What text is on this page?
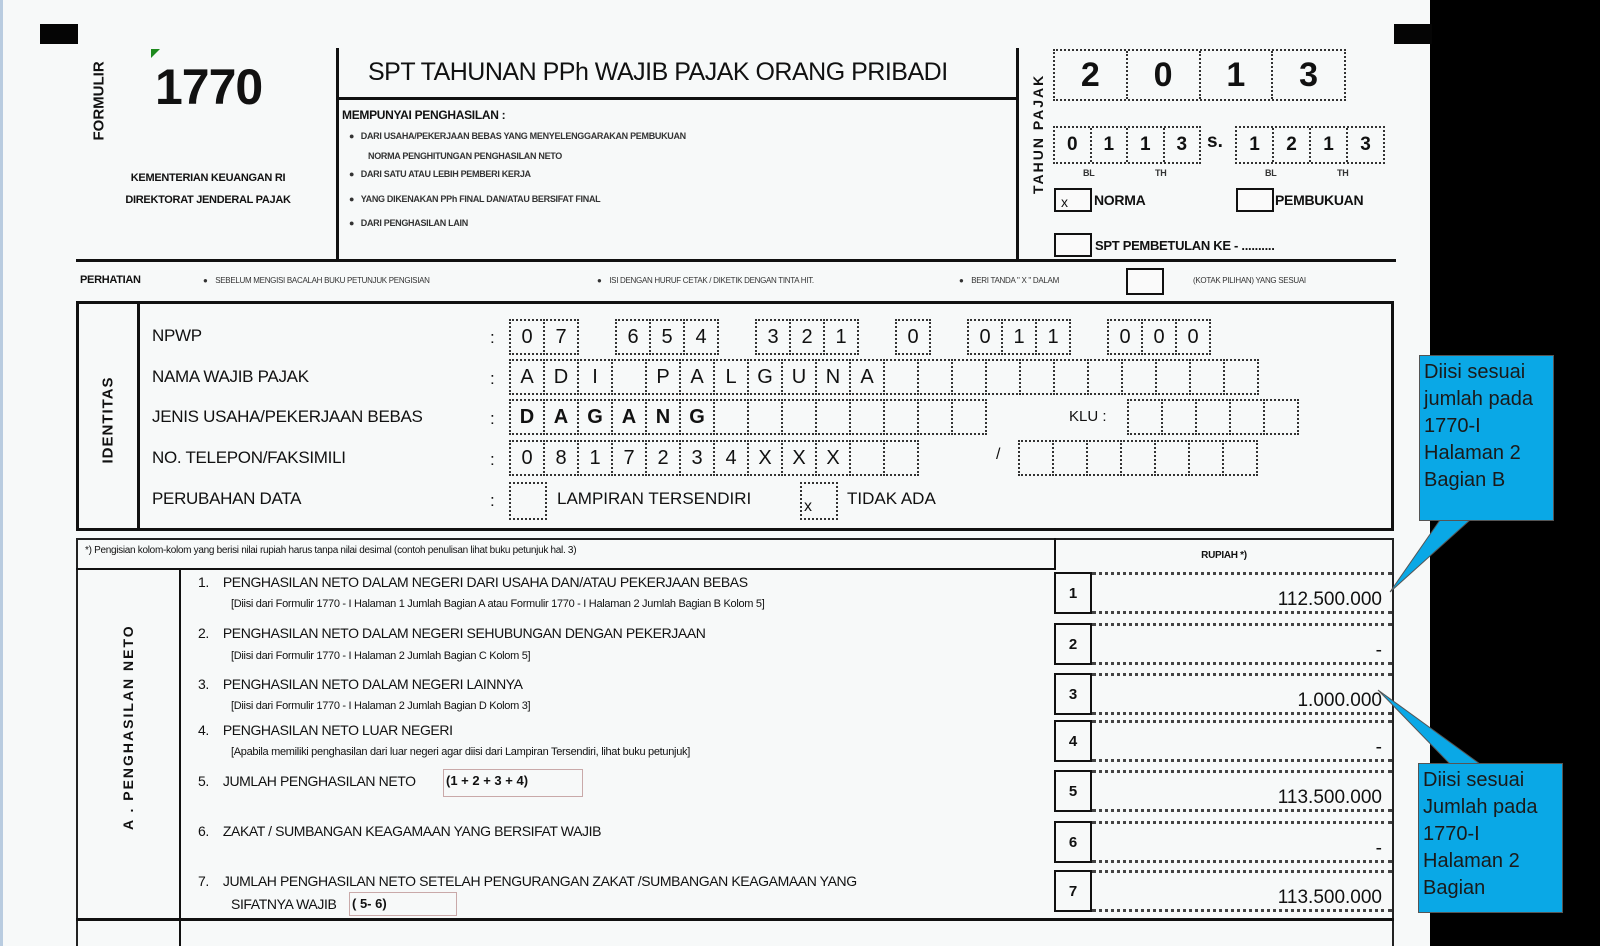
FORMULIR 1770
KEMENTERIAN KEUANGAN RI
DIREKTORAT JENDERAL PAJAK
SPT TAHUNAN PPh WAJIB PAJAK ORANG PRIBADI
MEMPUNYAI PENGHASILAN :
●   DARI USAHA/PEKERJAAN BEBAS YANG MENYELENGGARAKAN PEMBUKUAN
NORMA PENGHITUNGAN PENGHASILAN NETO
●   DARI SATU ATAU LEBIH PEMBERI KERJA
●   YANG DIKENAKAN PPh FINAL DAN/ATAU BERSIFAT FINAL
●   DARI PENGHASILAN LAIN
TAHUN PAJAK	2	0	1	3
0	1	1	3	s.	1	2	1	3
BL	TH	BL	TH
x	NORMA	PEMBUKUAN
SPT PEMBETULAN KE - ..........
PERHATIAN	●    SEBELUM MENGISI BACALAH BUKU PETUNJUK PENGISIAN	●    ISI DENGAN HURUF CETAK / DIKETIK DENGAN TINTA HIT.	●    BERI TANDA " X " DALAM	(KOTAK PILIHAN) YANG SESUAI
IDENTITAS
NPWP	:	0	7	6	5	4	3	2	1	0	0	1	1	0	0	0
NAMA WAJIB PAJAK	:	A	D	I	P	A	L	G U N	A
JENIS USAHA/PEKERJAAN BEBAS	:	D A G A N G	KLU :
NO. TELEPON/FAKSIMILI	:	0	8	1	7	2	3	4	X	X	X	/
PERUBAHAN DATA	:	LAMPIRAN TERSENDIRI	x	TIDAK ADA
*) Pengisian kolom-kolom yang berisi nilai rupiah harus tanpa nilai desimal (contoh penulisan lihat buku petunjuk hal. 3)	RUPIAH *)
A . PENGHASILAN NETO
1. PENGHASILAN NETO DALAM NEGERI DARI USAHA DAN/ATAU PEKERJAAN BEBAS
[Diisi dari Formulir 1770 - I Halaman 1 Jumlah Bagian A atau Formulir 1770 - I Halaman 2 Jumlah Bagian B Kolom 5]
2. PENGHASILAN NETO DALAM NEGERI SEHUBUNGAN DENGAN PEKERJAAN
[Diisi dari Formulir 1770 - I Halaman 2 Jumlah Bagian C Kolom 5]
3. PENGHASILAN NETO DALAM NEGERI LAINNYA
[Diisi dari Formulir 1770 - I Halaman 2 Jumlah Bagian D Kolom 3]
4. PENGHASILAN NETO LUAR NEGERI
[Apabila memiliki penghasilan dari luar negeri agar diisi dari Lampiran Tersendiri, lihat buku petunjuk]
5. JUMLAH PENGHASILAN NETO (1 + 2 + 3 + 4)
6. ZAKAT / SUMBANGAN KEAGAMAAN YANG BERSIFAT WAJIB
7. JUMLAH PENGHASILAN NETO SETELAH PENGURANGAN ZAKAT /SUMBANGAN KEAGAMAAN YANG
SIFATNYA WAJIB ( 5- 6)
1	112.500.000
2	-
3	1.000.000
4	-
5	113.500.000
6	-
7	113.500.000
Diisi sesuai jumlah pada 1770-I Halaman 2 Bagian B
Diisi sesuai Jumlah pada 1770-I Halaman 2 Bagian
